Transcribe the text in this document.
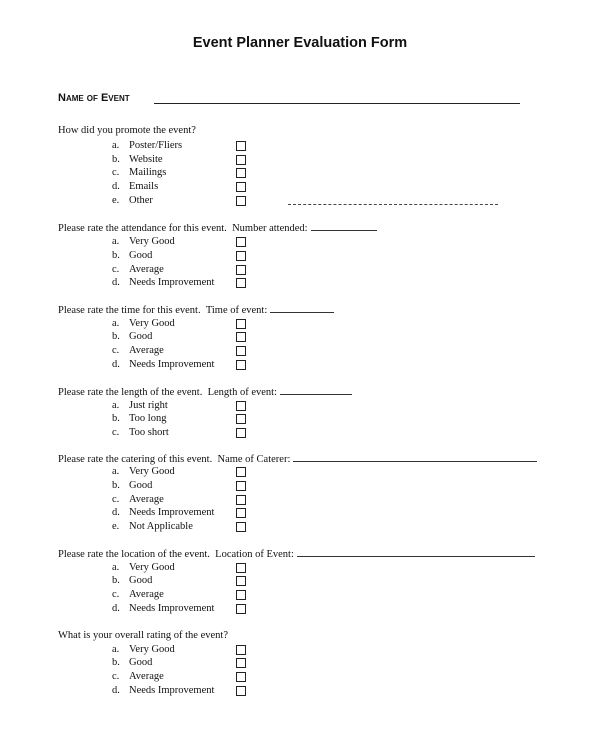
Event Planner Evaluation Form
Name of Event
How did you promote the event?
a. Poster/Fliers
b. Website
c. Mailings
d. Emails
e. Other
Please rate the attendance for this event. Number attended:
a. Very Good
b. Good
c. Average
d. Needs Improvement
Please rate the time for this event. Time of event:
a. Very Good
b. Good
c. Average
d. Needs Improvement
Please rate the length of the event. Length of event:
a. Just right
b. Too long
c. Too short
Please rate the catering of this event. Name of Caterer:
a. Very Good
b. Good
c. Average
d. Needs Improvement
e. Not Applicable
Please rate the location of the event. Location of Event:
a. Very Good
b. Good
c. Average
d. Needs Improvement
What is your overall rating of the event?
a. Very Good
b. Good
c. Average
d. Needs Improvement
